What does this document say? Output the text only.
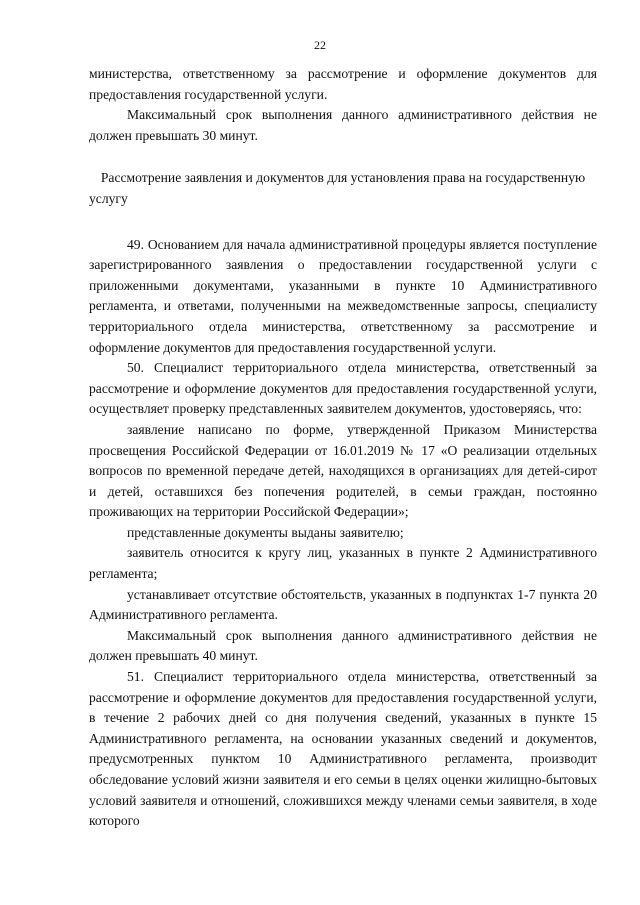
22

министерства, ответственному за рассмотрение и оформление документов для предоставления государственной услуги.

Максимальный срок выполнения данного административного действия не должен превышать 30 минут.

Рассмотрение заявления и документов для установления права на государственную услугу

49. Основанием для начала административной процедуры является поступление зарегистрированного заявления о предоставлении государственной услуги с приложенными документами, указанными в пункте 10 Административного регламента, и ответами, полученными на межведомственные запросы, специалисту территориального отдела министерства, ответственному за рассмотрение и оформление документов для предоставления государственной услуги.

50. Специалист территориального отдела министерства, ответственный за рассмотрение и оформление документов для предоставления государственной услуги, осуществляет проверку представленных заявителем документов, удостоверяясь, что:

заявление написано по форме, утвержденной Приказом Министерства просвещения Российской Федерации от 16.01.2019 № 17 «О реализации отдельных вопросов по временной передаче детей, находящихся в организациях для детей-сирот и детей, оставшихся без попечения родителей, в семьи граждан, постоянно проживающих на территории Российской Федерации»;

представленные документы выданы заявителю;

заявитель относится к кругу лиц, указанных в пункте 2 Административного регламента;

устанавливает отсутствие обстоятельств, указанных в подпунктах 1-7 пункта 20 Административного регламента.

Максимальный срок выполнения данного административного действия не должен превышать 40 минут.

51. Специалист территориального отдела министерства, ответственный за рассмотрение и оформление документов для предоставления государственной услуги, в течение 2 рабочих дней со дня получения сведений, указанных в пункте 15 Административного регламента, на основании указанных сведений и документов, предусмотренных пунктом 10 Административного регламента, производит обследование условий жизни заявителя и его семьи в целях оценки жилищно-бытовых условий заявителя и отношений, сложившихся между членами семьи заявителя, в ходе которого
